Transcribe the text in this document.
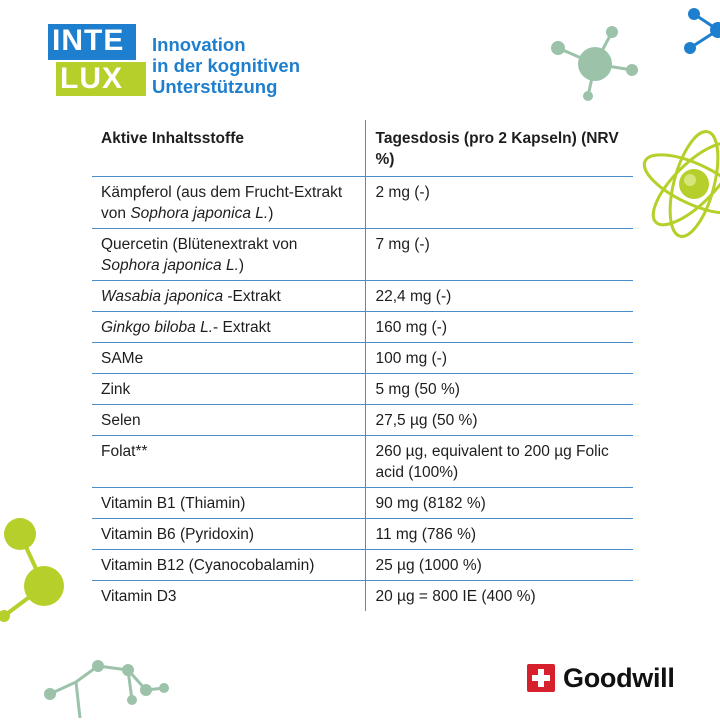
INTE
LUX
Innovation
in der kognitiven
Unterstützung
Aktive Inhaltsstoffe	Tagesdosis (pro 2 Kapseln) (NRV %)
Kämpferol (aus dem Frucht-Extrakt von Sophora japonica L.)	2 mg (-)
Quercetin (Blütenextrakt von Sophora japonica L.)	7 mg (-)
Wasabia japonica -Extrakt	22,4 mg (-)
Ginkgo biloba L.- Extrakt	160 mg (-)
SAMe	100 mg (-)
Zink	5 mg (50 %)
Selen	27,5 µg (50 %)
Folat**	260 µg, equivalent to 200 µg Folic acid (100%)
Vitamin B1 (Thiamin)	90 mg (8182 %)
Vitamin B6 (Pyridoxin)	11 mg (786 %)
Vitamin B12 (Cyanocobalamin)	25 µg (1000 %)
Vitamin D3	20 µg = 800 IE (400 %)
Goodwill
